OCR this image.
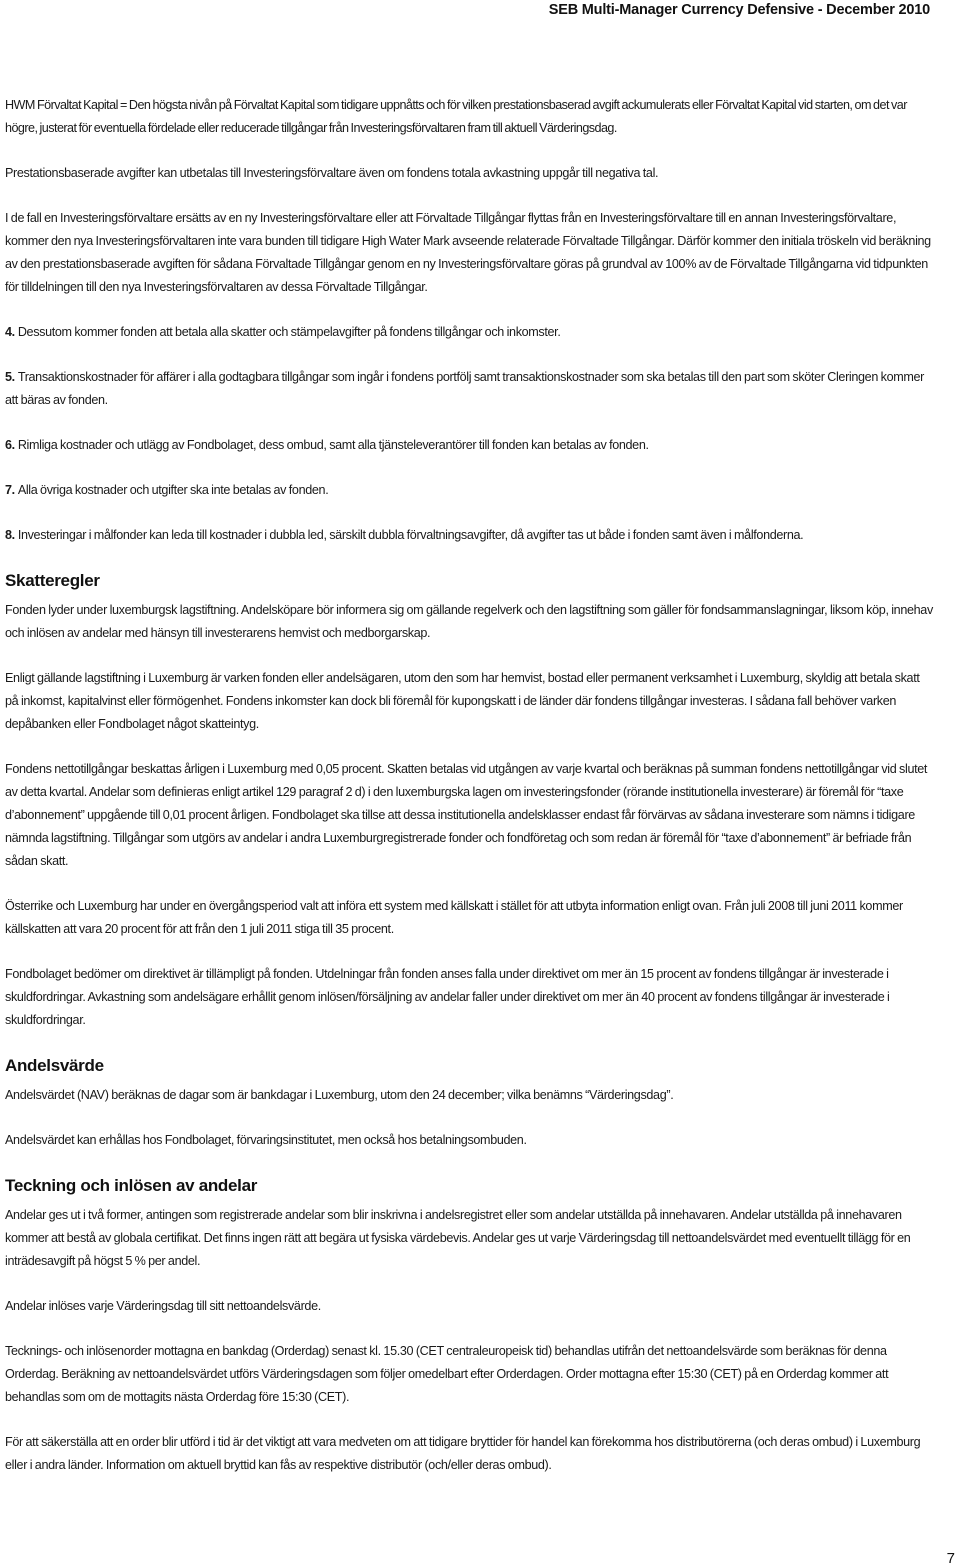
SEB Multi-Manager Currency Defensive - December 2010

HWM Förvaltat Kapital = Den högsta nivån på Förvaltat Kapital som tidigare uppnåtts och för vilken prestationsbaserad avgift ackumulerats eller Förvaltat Kapital vid starten, om det var högre, justerat för eventuella fördelade eller reducerade tillgångar från Investeringsförvaltaren fram till aktuell Värderingsdag.

Prestationsbaserade avgifter kan utbetalas till Investeringsförvaltare även om fondens totala avkastning uppgår till negativa tal.

I de fall en Investeringsförvaltare ersätts av en ny Investeringsförvaltare eller att Förvaltade Tillgångar flyttas från en Investeringsförvaltare till en annan Investeringsförvaltare, kommer den nya Investeringsförvaltaren inte vara bunden till tidigare High Water Mark avseende relaterade Förvaltade Tillgångar. Därför kommer den initiala tröskeln vid beräkning av den prestationsbaserade avgiften för sådana Förvaltade Tillgångar genom en ny Investeringsförvaltare göras på grundval av 100% av de Förvaltade Tillgångarna vid tidpunkten för tilldelningen till den nya Investeringsförvaltaren av dessa Förvaltade Tillgångar.

4. Dessutom kommer fonden att betala alla skatter och stämpelavgifter på fondens tillgångar och inkomster.

5. Transaktionskostnader för affärer i alla godtagbara tillgångar som ingår i fondens portfölj samt transaktionskostnader som ska betalas till den part som sköter Cleringen kommer att bäras av fonden.

6. Rimliga kostnader och utlägg av Fondbolaget, dess ombud, samt alla tjänsteleverantörer till fonden kan betalas av fonden.

7. Alla övriga kostnader och utgifter ska inte betalas av fonden.

8. Investeringar i målfonder kan leda till kostnader i dubbla led, särskilt dubbla förvaltningsavgifter, då avgifter tas ut både i fonden samt även i målfonderna.

Skatteregler

Fonden lyder under luxemburgsk lagstiftning. Andelsköpare bör informera sig om gällande regelverk och den lagstiftning som gäller för fondsammanslagningar, liksom köp, innehav och inlösen av andelar med hänsyn till investerarens hemvist och medborgarskap.

Enligt gällande lagstiftning i Luxemburg är varken fonden eller andelsägaren, utom den som har hemvist, bostad eller permanent verksamhet i Luxemburg, skyldig att betala skatt på inkomst, kapitalvinst eller förmögenhet. Fondens inkomster kan dock bli föremål för kupongskatt i de länder där fondens tillgångar investeras. I sådana fall behöver varken depåbanken eller Fondbolaget något skatteintyg.

Fondens nettotillgångar beskattas årligen i Luxemburg med 0,05 procent. Skatten betalas vid utgången av varje kvartal och beräknas på summan fondens nettotillgångar vid slutet av detta kvartal. Andelar som definieras enligt artikel 129 paragraf 2 d) i den luxemburgska lagen om investeringsfonder (rörande institutionella investerare) är föremål för “taxe d’abonnement” uppgående till 0,01 procent årligen. Fondbolaget ska tillse att dessa institutionella andelsklasser endast får förvärvas av sådana investerare som nämns i tidigare nämnda lagstiftning. Tillgångar som utgörs av andelar i andra Luxemburgregistrerade fonder och fondföretag och som redan är föremål för “taxe d’abonnement” är befriade från sådan skatt.

Österrike och Luxemburg har under en övergångsperiod valt att införa ett system med källskatt i stället för att utbyta information enligt ovan. Från juli 2008 till juni 2011 kommer källskatten att vara 20 procent för att från den 1 juli 2011 stiga till 35 procent.

Fondbolaget bedömer om direktivet är tillämpligt på fonden. Utdelningar från fonden anses falla under direktivet om mer än 15 procent av fondens tillgångar är investerade i skuldfordringar. Avkastning som andelsägare erhållit genom inlösen/försäljning av andelar faller under direktivet om mer än 40 procent av fondens tillgångar är investerade i skuldfordringar.

Andelsvärde

Andelsvärdet (NAV) beräknas de dagar som är bankdagar i Luxemburg, utom den 24 december; vilka benämns “Värderingsdag”.

Andelsvärdet kan erhållas hos Fondbolaget, förvaringsinstitutet, men också hos betalningsombuden.

Teckning och inlösen av andelar

Andelar ges ut i två former, antingen som registrerade andelar som blir inskrivna i andelsregistret eller som andelar utställda på innehavaren. Andelar utställda på innehavaren kommer att bestå av globala certifikat. Det finns ingen rätt att begära ut fysiska värdebevis. Andelar ges ut varje Värderingsdag till nettoandelsvärdet med eventuellt tillägg för en inträdesavgift på högst 5 % per andel.

Andelar inlöses varje Värderingsdag till sitt nettoandelsvärde.

Tecknings- och inlösenorder mottagna en bankdag (Orderdag) senast kl. 15.30 (CET centraleuropeisk tid) behandlas utifrån det nettoandelsvärde som beräknas för denna Orderdag. Beräkning av nettoandelsvärdet utförs Värderingsdagen som följer omedelbart efter Orderdagen. Order mottagna efter 15:30 (CET) på en Orderdag kommer att behandlas som om de mottagits nästa Orderdag före 15:30 (CET).

För att säkerställa att en order blir utförd i tid är det viktigt att vara medveten om att tidigare bryttider för handel kan förekomma hos distributörerna (och deras ombud) i Luxemburg eller i andra länder. Information om aktuell bryttid kan fås av respektive distributör (och/eller deras ombud).

7
